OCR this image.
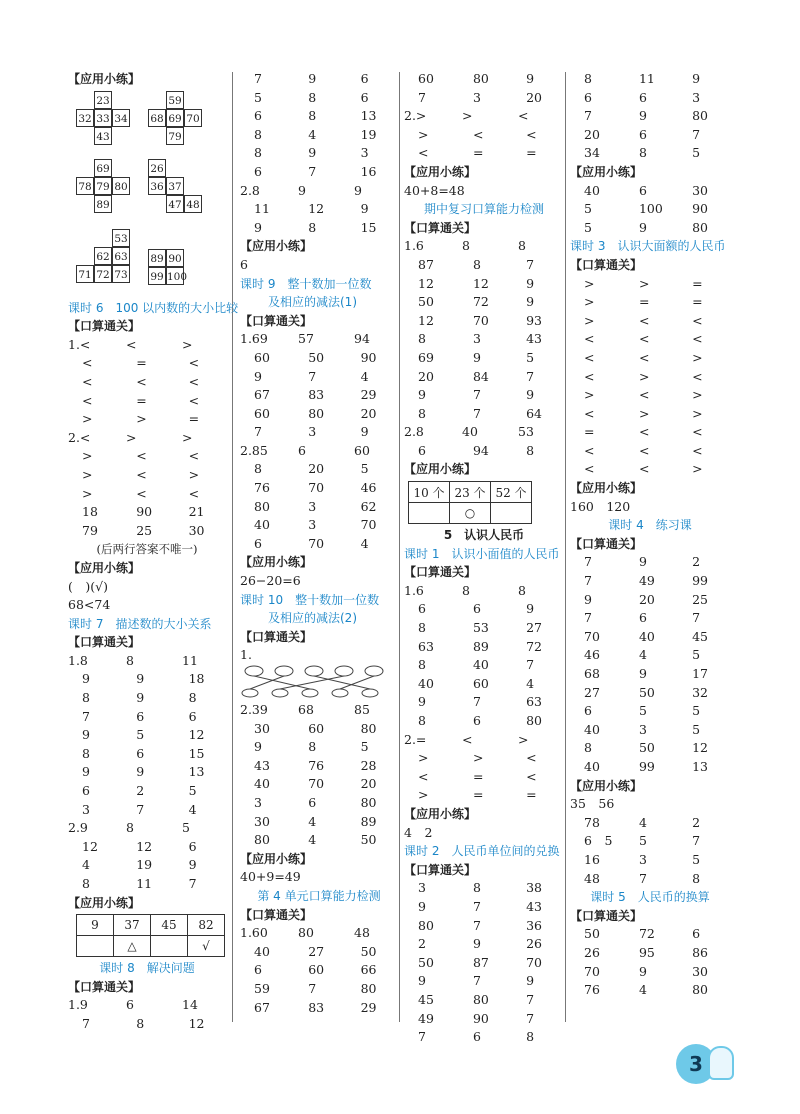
【应用小练】
23
32 33 34
43
59
68 69 70
79
69
78 79 80
89
26
36 37
47 48
53
62 63
71 72 73
89 90
99 100
课时 6　100 以内数的大小比较
【口算通关】
1.<	<	>
<	=	<
<	<	<
<	=	<
>	>	=
2.<	>	>
>	<	<
>	<	>
>	<	<
18	90	21
79	25	30
(后两行答案不唯一)
【应用小练】
(　)(√)
68<74
课时 7　描述数的大小关系
【口算通关】
1.8	8	11
9	9	18
8	9	8
7	6	6
9	5	12
8	6	15
9	9	13
6	2	5
3	7	4
2.9	8	5
12	12	6
4	19	9
8	11	7
【应用小练】
9	37	45	82
	△		√
课时 8　解决问题
【口算通关】
1.9	6	14
7	8	12
7	9	6
5	8	6
6	8	13
8	4	19
8	9	3
6	7	16
2.8	9	9
11	12	9
9	8	15
【应用小练】
6
课时 9　整十数加一位数
及相应的减法(1)
【口算通关】
1.69	57	94
60	50	90
9	7	4
67	83	29
60	80	20
7	3	9
2.85	6	60
8	20	5
76	70	46
80	3	62
40	3	70
6	70	4
【应用小练】
26−20=6
课时 10　整十数加一位数
及相应的减法(2)
【口算通关】
1.
2.39	68	85
30	60	80
9	8	5
43	76	28
40	70	20
3	6	80
30	4	89
80	4	50
【应用小练】
40+9=49
第 4 单元口算能力检测
【口算通关】
1.60	80	48
40	27	50
6	60	66
59	7	80
67	83	29
60	80	9
7	3	20
2.>	>	<
>	<	<
<	=	=
【应用小练】
40+8=48
期中复习口算能力检测
【口算通关】
1.6	8	8
87	8	7
12	12	9
50	72	9
12	70	93
8	3	43
69	9	5
20	84	7
9	7	9
8	7	64
2.8	40	53
6	94	8
【应用小练】
10 个	23 个	52 个
	○	
5　认识人民币
课时 1　认识小面值的人民币
【口算通关】
1.6	8	8
6	6	9
8	53	27
63	89	72
8	40	7
40	60	4
9	7	63
8	6	80
2.=	<	>
>	>	<
<	=	<
>	=	=
【应用小练】
4　2
课时 2　人民币单位间的兑换
【口算通关】
3	8	38
9	7	43
80	7	36
2	9	26
50	87	70
9	7	9
45	80	7
49	90	7
7	6	8
8	11	9
6	6	3
7	9	80
20	6	7
34	8	5
【应用小练】
40	6	30
5	100	90
5	9	80
课时 3　认识大面额的人民币
【口算通关】
>	>	=
>	=	=
>	<	<
<	<	<
<	<	>
<	>	<
>	<	>
<	>	>
=	<	<
<	<	<
<	<	>
【应用小练】
160　120
课时 4　练习课
【口算通关】
7	9	2
7	49	99
9	20	25
7	6	7
70	40	45
46	4	5
68	9	17
27	50	32
6	5	5
40	3	5
8	50	12
40	99	13
【应用小练】
35　56
78	4	2
6　5	5	7
16	3	5
48	7	8
课时 5　人民币的换算
【口算通关】
50	72	6
26	95	86
70	9	30
76	4	80
3
